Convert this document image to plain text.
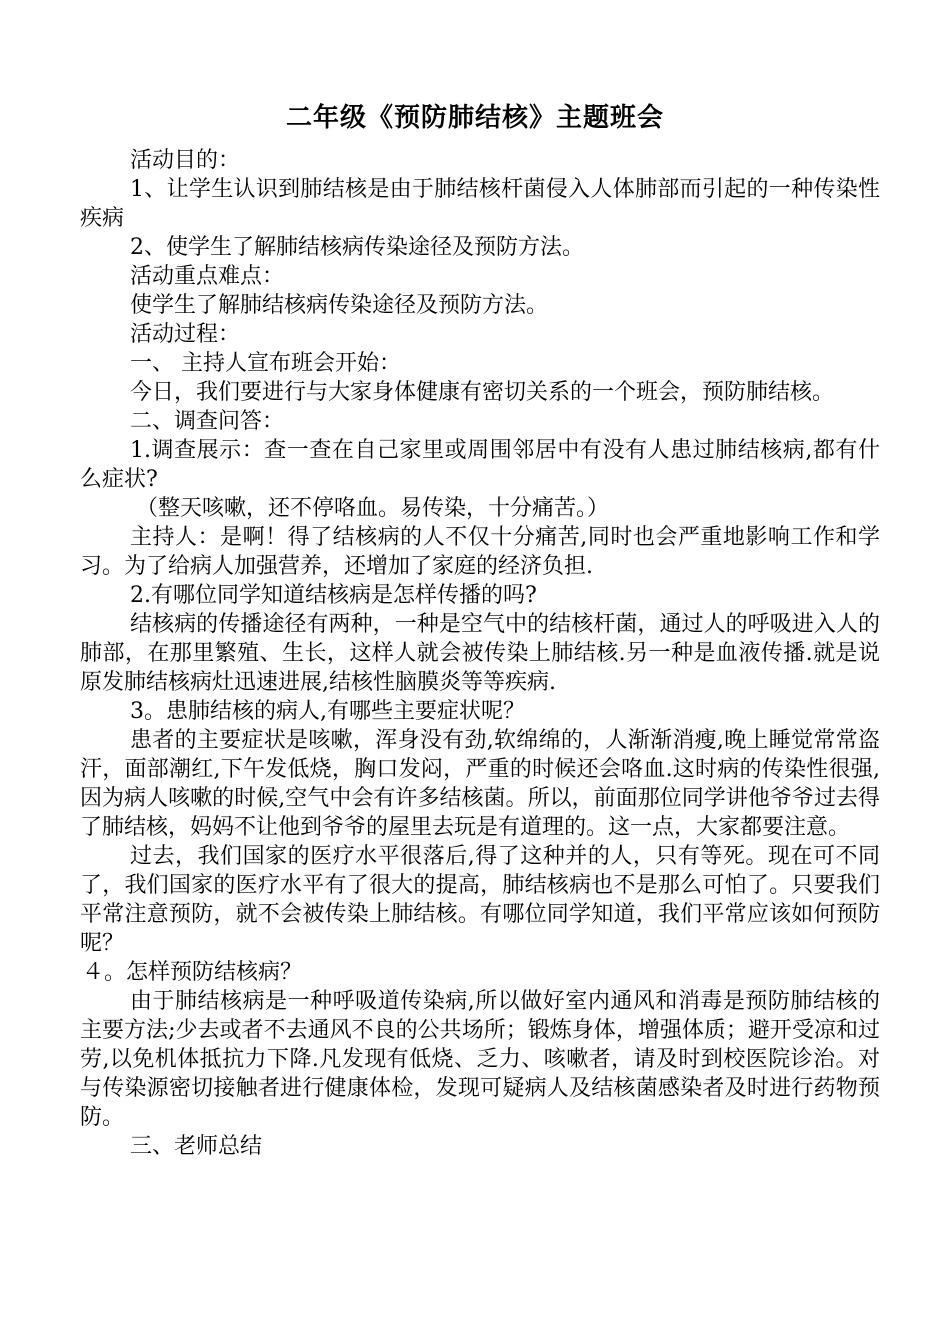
二年级《预防肺结核》主题班会

活动目的：

1、让学生认识到肺结核是由于肺结核杆菌侵入人体肺部而引起的一种传染性疾病

2、使学生了解肺结核病传染途径及预防方法。

活动重点难点：

使学生了解肺结核病传染途径及预防方法。

活动过程：

一、 主持人宣布班会开始：

今日，我们要进行与大家身体健康有密切关系的一个班会，预防肺结核。

二、调查问答：

1.调查展示：查一查在自己家里或周围邻居中有没有人患过肺结核病,都有什么症状?

（整天咳嗽，还不停咯血。易传染，十分痛苦。）

主持人：是啊！得了结核病的人不仅十分痛苦,同时也会严重地影响工作和学习。为了给病人加强营养，还增加了家庭的经济负担.

2.有哪位同学知道结核病是怎样传播的吗?

结核病的传播途径有两种，一种是空气中的结核杆菌，通过人的呼吸进入人的肺部，在那里繁殖、生长，这样人就会被传染上肺结核.另一种是血液传播.就是说原发肺结核病灶迅速进展,结核性脑膜炎等等疾病.

3。患肺结核的病人,有哪些主要症状呢？

患者的主要症状是咳嗽，浑身没有劲,软绵绵的，人渐渐消瘦,晚上睡觉常常盗汗，面部潮红,下午发低烧，胸口发闷，严重的时候还会咯血.这时病的传染性很强,因为病人咳嗽的时候,空气中会有许多结核菌。所以，前面那位同学讲他爷爷过去得了肺结核，妈妈不让他到爷爷的屋里去玩是有道理的。这一点，大家都要注意。

过去，我们国家的医疗水平很落后,得了这种并的人，只有等死。现在可不同了，我们国家的医疗水平有了很大的提高，肺结核病也不是那么可怕了。只要我们平常注意预防，就不会被传染上肺结核。有哪位同学知道，我们平常应该如何预防呢？

４。怎样预防结核病？

由于肺结核病是一种呼吸道传染病,所以做好室内通风和消毒是预防肺结核的主要方法;少去或者不去通风不良的公共场所；锻炼身体，增强体质；避开受凉和过劳,以免机体抵抗力下降.凡发现有低烧、乏力、咳嗽者，请及时到校医院诊治。对与传染源密切接触者进行健康体检，发现可疑病人及结核菌感染者及时进行药物预防。

三、老师总结
